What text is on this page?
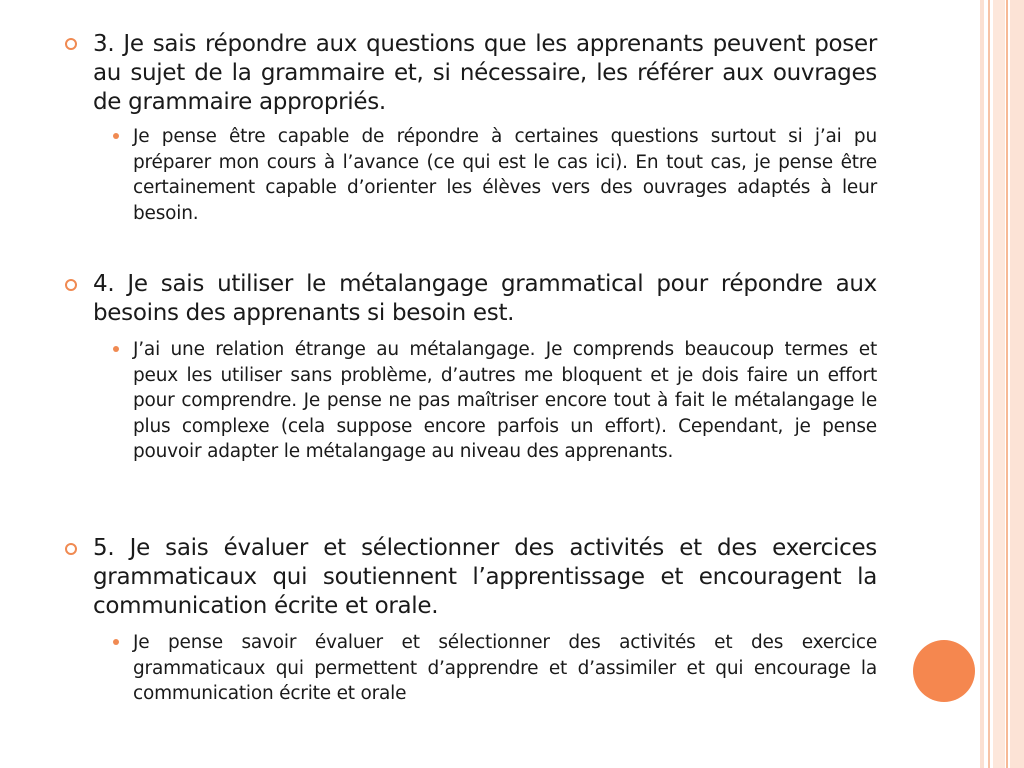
3. Je sais répondre aux questions que les apprenants peuvent poser au sujet de la grammaire et, si nécessaire, les référer aux ouvrages de grammaire appropriés.
Je pense être capable de répondre à certaines questions surtout si j’ai pu préparer mon cours à l’avance (ce qui est le cas ici). En tout cas, je pense être certainement capable d’orienter les élèves vers des ouvrages adaptés à leur besoin.
4. Je sais utiliser le métalangage grammatical pour répondre aux besoins des apprenants si besoin est.
J’ai une relation étrange au métalangage. Je comprends beaucoup termes et peux les utiliser sans problème, d’autres me bloquent et je dois faire un effort pour comprendre. Je pense ne pas maîtriser encore tout à fait le métalangage le plus complexe (cela suppose encore parfois un effort). Cependant, je pense pouvoir adapter le métalangage au niveau des apprenants.
5. Je sais évaluer et sélectionner des activités et des exercices grammaticaux qui soutiennent l’apprentissage et encouragent la communication écrite et orale.
Je pense savoir évaluer et sélectionner des activités et des exercice grammaticaux qui permettent d’apprendre et d’assimiler et qui encourage la communication écrite et orale
